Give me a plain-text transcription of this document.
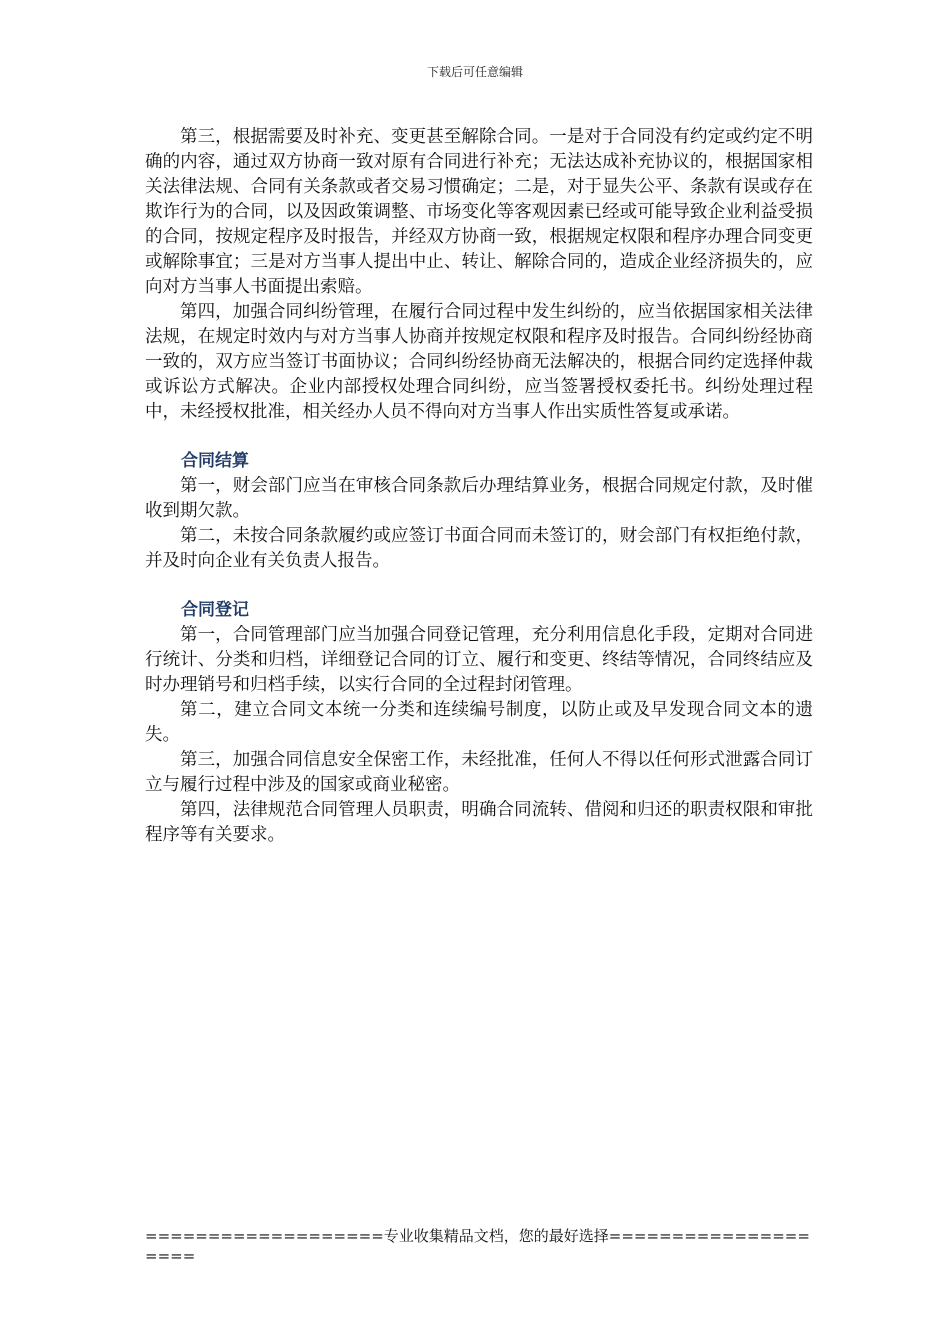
下载后可任意编辑

第三，根据需要及时补充、变更甚至解除合同。一是对于合同没有约定或约定不明确的内容，通过双方协商一致对原有合同进行补充；无法达成补充协议的，根据国家相关法律法规、合同有关条款或者交易习惯确定；二是，对于显失公平、条款有误或存在欺诈行为的合同，以及因政策调整、市场变化等客观因素已经或可能导致企业利益受损的合同，按规定程序及时报告，并经双方协商一致，根据规定权限和程序办理合同变更或解除事宜；三是对方当事人提出中止、转让、解除合同的，造成企业经济损失的，应向对方当事人书面提出索赔。

第四，加强合同纠纷管理，在履行合同过程中发生纠纷的，应当依据国家相关法律法规，在规定时效内与对方当事人协商并按规定权限和程序及时报告。合同纠纷经协商一致的，双方应当签订书面协议；合同纠纷经协商无法解决的，根据合同约定选择仲裁或诉讼方式解决。企业内部授权处理合同纠纷，应当签署授权委托书。纠纷处理过程中，未经授权批准，相关经办人员不得向对方当事人作出实质性答复或承诺。

合同结算

第一，财会部门应当在审核合同条款后办理结算业务，根据合同规定付款，及时催收到期欠款。

第二，未按合同条款履约或应签订书面合同而未签订的，财会部门有权拒绝付款，并及时向企业有关负责人报告。

合同登记

第一，合同管理部门应当加强合同登记管理，充分利用信息化手段，定期对合同进行统计、分类和归档，详细登记合同的订立、履行和变更、终结等情况，合同终结应及时办理销号和归档手续，以实行合同的全过程封闭管理。

第二，建立合同文本统一分类和连续编号制度，以防止或及早发现合同文本的遗失。

第三，加强合同信息安全保密工作，未经批准，任何人不得以任何形式泄露合同订立与履行过程中涉及的国家或商业秘密。

第四，法律规范合同管理人员职责，明确合同流转、借阅和归还的职责权限和审批程序等有关要求。

===================专业收集精品文档，您的最好选择====================
